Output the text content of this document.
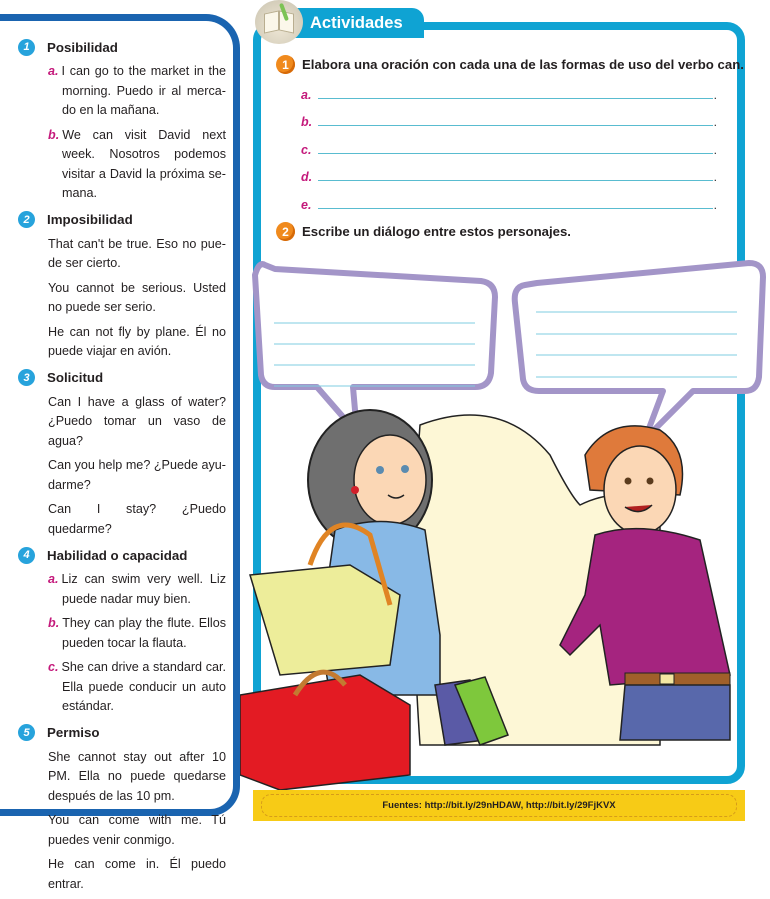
1	Posibilidad
a. I can go to the market in the morning. Puedo ir al merca-do en la mañana.
b. We can visit David next week. Nosotros podemos visitar a David la próxima se-mana.
2	Imposibilidad
That can't be true. Eso no pue-de ser cierto.
You cannot be serious. Usted no puede ser serio.
He can not fly by plane. Él no puede viajar en avión.
3	Solicitud
Can I have a glass of water? ¿Puedo tomar un vaso de agua?
Can you help me? ¿Puede ayu-darme?
Can I stay? ¿Puedo quedarme?
4	Habilidad o capacidad
a. Liz can swim very well. Liz puede nadar muy bien.
b. They can play the flute. Ellos pueden tocar la flauta.
c. She can drive a standard car. Ella puede conducir un auto estándar.
5	Permiso
She cannot stay out after 10 PM. Ella no puede quedarse después de las 10 pm.
You can come with me. Tú puedes venir conmigo.
He can come in. Él puedo entrar.
Actividades
1 Elabora una oración con cada una de las formas de uso del verbo can.
a.	.
b.	.
c.	.
d.	.
e.	.
2 Escribe un diálogo entre estos personajes.
Fuentes: http://bit.ly/29nHDAW, http://bit.ly/29FjKVX
